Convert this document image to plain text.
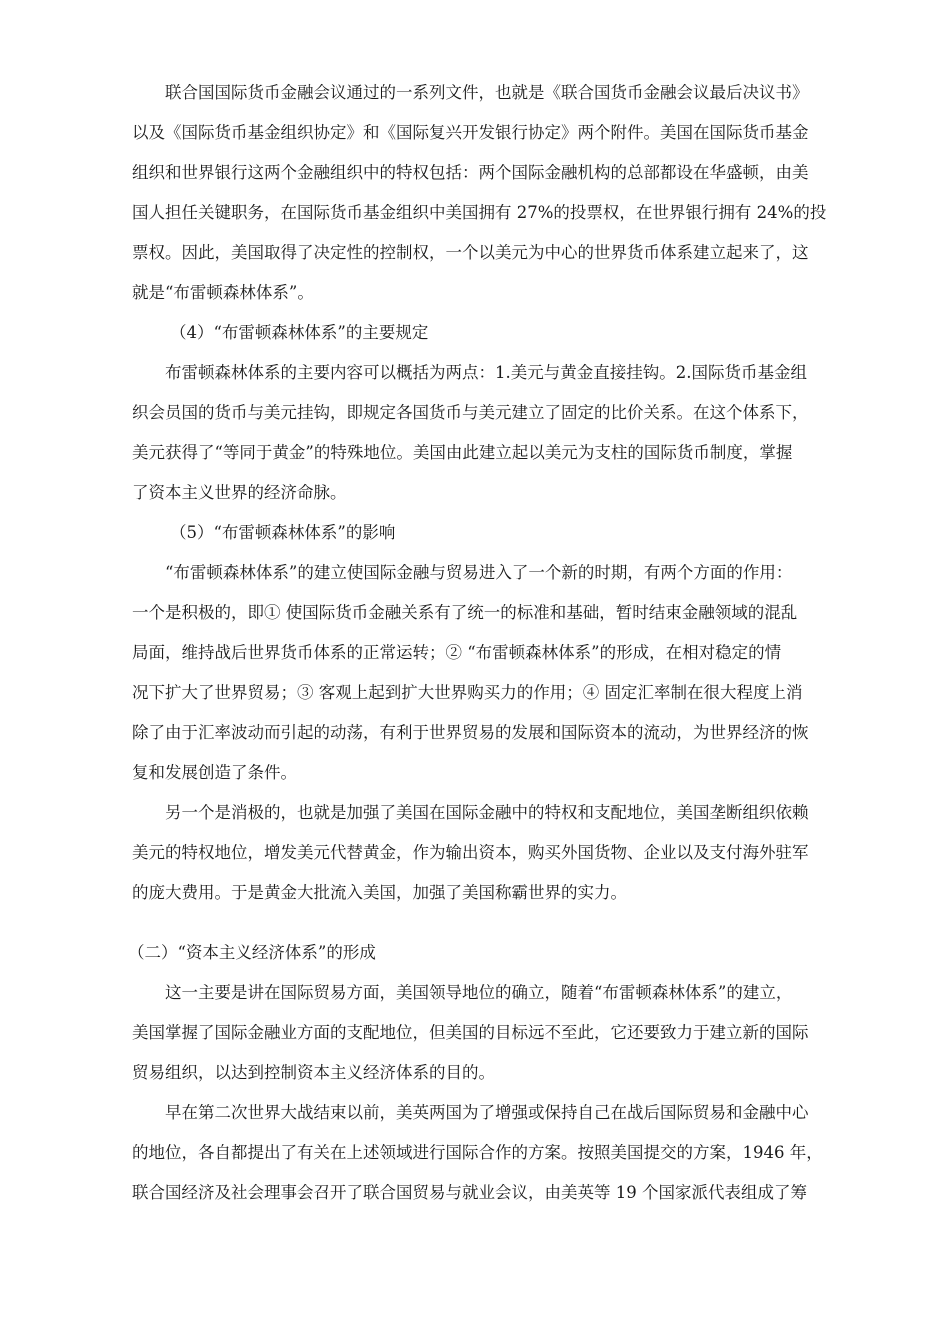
联合国国际货币金融会议通过的一系列文件，也就是《联合国货币金融会议最后决议书》
以及《国际货币基金组织协定》和《国际复兴开发银行协定》两个附件。美国在国际货币基金
组织和世界银行这两个金融组织中的特权包括：两个国际金融机构的总部都设在华盛顿，由美
国人担任关键职务，在国际货币基金组织中美国拥有 27%的投票权，在世界银行拥有 24%的投
票权。因此，美国取得了决定性的控制权，一个以美元为中心的世界货币体系建立起来了，这
就是“布雷顿森林体系”。
（4）“布雷顿森林体系”的主要规定
布雷顿森林体系的主要内容可以概括为两点：1.美元与黄金直接挂钩。2.国际货币基金组
织会员国的货币与美元挂钩，即规定各国货币与美元建立了固定的比价关系。在这个体系下，
美元获得了“等同于黄金”的特殊地位。美国由此建立起以美元为支柱的国际货币制度，掌握
了资本主义世界的经济命脉。
（5）“布雷顿森林体系”的影响
“布雷顿森林体系”的建立使国际金融与贸易进入了一个新的时期，有两个方面的作用：
一个是积极的，即① 使国际货币金融关系有了统一的标准和基础，暂时结束金融领域的混乱
局面，维持战后世界货币体系的正常运转；② “布雷顿森林体系”的形成，在相对稳定的情
况下扩大了世界贸易；③ 客观上起到扩大世界购买力的作用；④ 固定汇率制在很大程度上消
除了由于汇率波动而引起的动荡，有利于世界贸易的发展和国际资本的流动，为世界经济的恢
复和发展创造了条件。
另一个是消极的，也就是加强了美国在国际金融中的特权和支配地位，美国垄断组织依赖
美元的特权地位，增发美元代替黄金，作为输出资本，购买外国货物、企业以及支付海外驻军
的庞大费用。于是黄金大批流入美国，加强了美国称霸世界的实力。
（二）“资本主义经济体系”的形成
这一主要是讲在国际贸易方面，美国领导地位的确立，随着“布雷顿森林体系”的建立，
美国掌握了国际金融业方面的支配地位，但美国的目标远不至此，它还要致力于建立新的国际
贸易组织，以达到控制资本主义经济体系的目的。
早在第二次世界大战结束以前，美英两国为了增强或保持自己在战后国际贸易和金融中心
的地位，各自都提出了有关在上述领域进行国际合作的方案。按照美国提交的方案，1946 年，
联合国经济及社会理事会召开了联合国贸易与就业会议，由美英等 19 个国家派代表组成了筹
